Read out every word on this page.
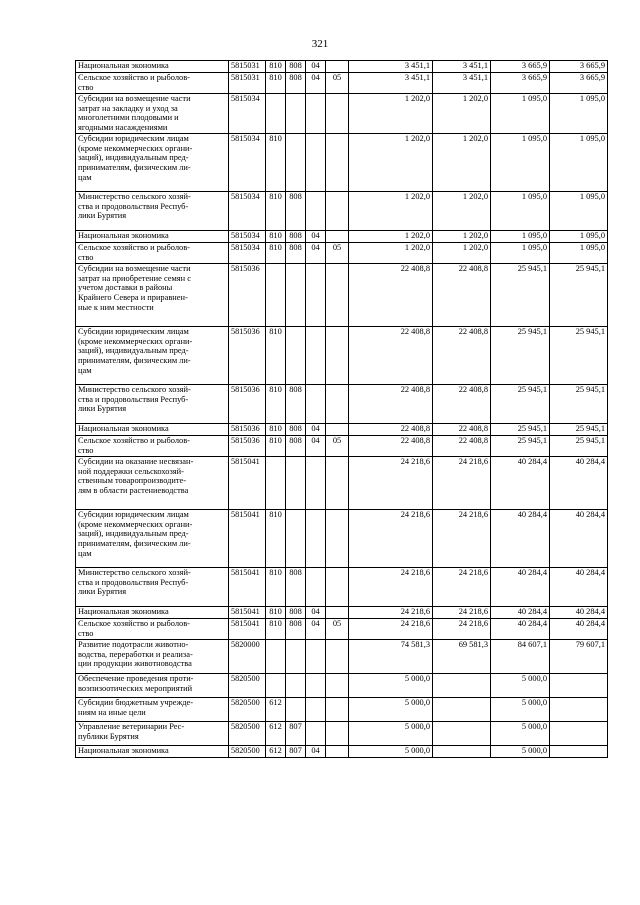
321
Национальная экономика	5815031	810	808	04		3 451,1	3 451,1	3 665,9	3 665,9
Сельское хозяйство и рыболов-
ство	5815031	810	808	04	05	3 451,1	3 451,1	3 665,9	3 665,9
Субсидии на возмещение части
затрат на закладку и уход за
многолетними плодовыми и
ягодными насаждениями	5815034					1 202,0	1 202,0	1 095,0	1 095,0
Субсидии юридическим лицам
(кроме некоммерческих органи-
заций), индивидуальным пред-
принимателям, физическим ли-
цам	5815034	810				1 202,0	1 202,0	1 095,0	1 095,0
Министерство сельского хозяй-
ства и продовольствия Респуб-
лики Бурятия	5815034	810	808			1 202,0	1 202,0	1 095,0	1 095,0
Национальная экономика	5815034	810	808	04		1 202,0	1 202,0	1 095,0	1 095,0
Сельское хозяйство и рыболов-
ство	5815034	810	808	04	05	1 202,0	1 202,0	1 095,0	1 095,0
Субсидии на возмещение части
затрат на приобретение семян с
учетом доставки в районы
Крайнего Севера и приравнен-
ные к ним местности	5815036					22 408,8	22 408,8	25 945,1	25 945,1
Субсидии юридическим лицам
(кроме некоммерческих органи-
заций), индивидуальным пред-
принимателям, физическим ли-
цам	5815036	810				22 408,8	22 408,8	25 945,1	25 945,1
Министерство сельского хозяй-
ства и продовольствия Респуб-
лики Бурятия	5815036	810	808			22 408,8	22 408,8	25 945,1	25 945,1
Национальная экономика	5815036	810	808	04		22 408,8	22 408,8	25 945,1	25 945,1
Сельское хозяйство и рыболов-
ство	5815036	810	808	04	05	22 408,8	22 408,8	25 945,1	25 945,1
Субсидии на оказание несвязан-
ной поддержки сельскохозяй-
ственным товаропроизводите-
лям в области растениеводства	5815041					24 218,6	24 218,6	40 284,4	40 284,4
Субсидии юридическим лицам
(кроме некоммерческих органи-
заций), индивидуальным пред-
принимателям, физическим ли-
цам	5815041	810				24 218,6	24 218,6	40 284,4	40 284,4
Министерство сельского хозяй-
ства и продовольствия Респуб-
лики Бурятия	5815041	810	808			24 218,6	24 218,6	40 284,4	40 284,4
Национальная экономика	5815041	810	808	04		24 218,6	24 218,6	40 284,4	40 284,4
Сельское хозяйство и рыболов-
ство	5815041	810	808	04	05	24 218,6	24 218,6	40 284,4	40 284,4
Развитие подотрасли животно-
водства, переработки и реализа-
ции продукции животноводства	5820000					74 581,3	69 581,3	84 607,1	79 607,1
Обеспечение проведения проти-
воэпизоотических мероприятий	5820500					5 000,0		5 000,0	
Субсидии бюджетным учрежде-
ниям на иные цели	5820500	612				5 000,0		5 000,0	
Управление ветеринарии Рес-
публики Бурятия	5820500	612	807			5 000,0		5 000,0	
Национальная экономика	5820500	612	807	04		5 000,0		5 000,0	
